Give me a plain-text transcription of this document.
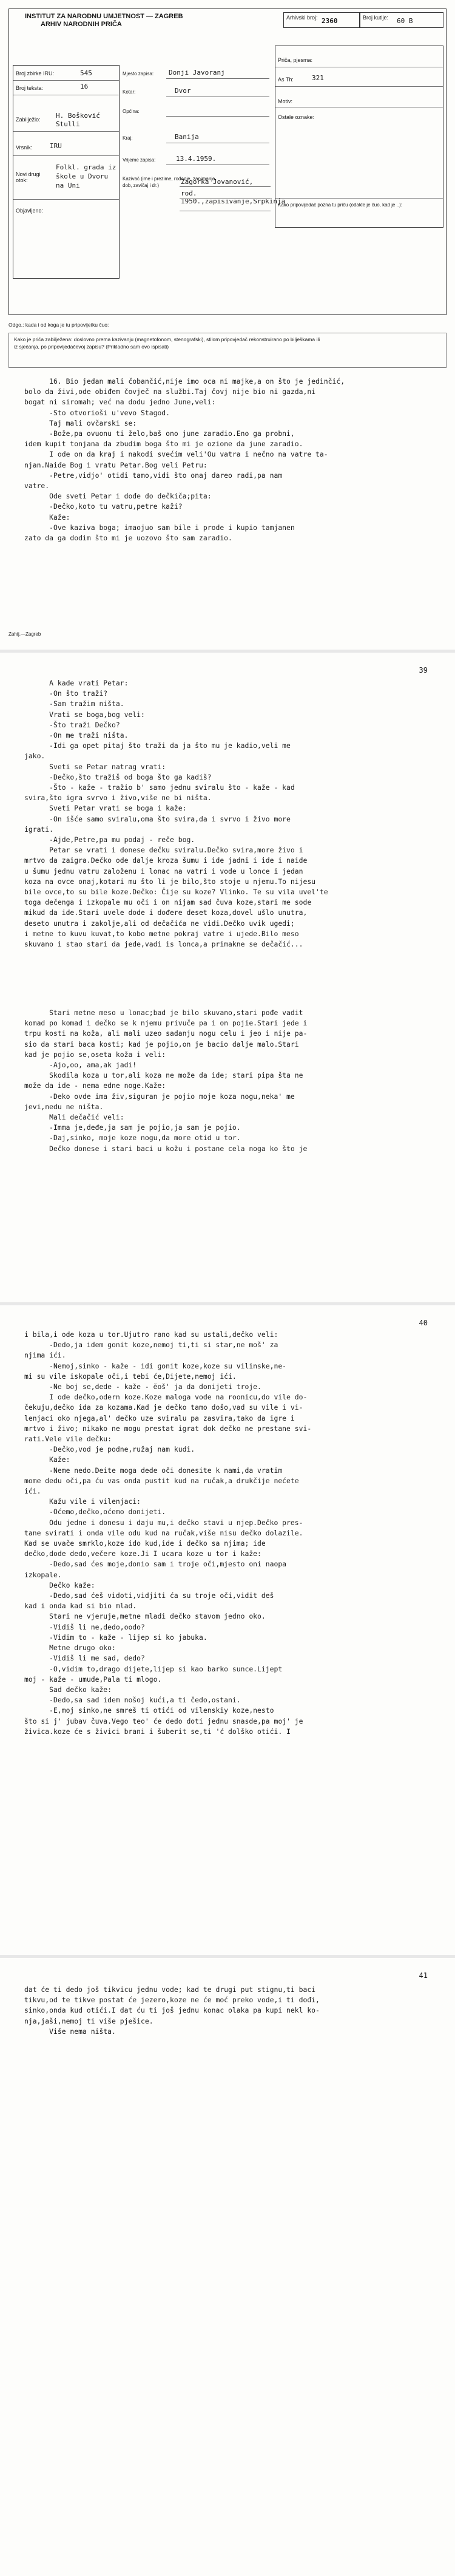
INSTITUT ZA NARODNU UMJETNOST — ZAGREB
ARHIV NARODNIH PRIČA
Arhivski broj: 2360	Broj kutije: 60 B
Broj zbirke IRU:	545
Broj teksta:	16
Zabilježio: H. Bošković Stulli
Vrsnik:	IRU
Novi drugi otok:
Folkl. grada iz škole u Dvoru na Uni
Objavljeno:
Mjesto zapisa: Donji Javoranj
Kotar:	Dvor
Općina:
Kraj:	Banija
Vrijeme zapisa:	13.4.1959.
Kazivač (ime i prezime, rođenje, zanimanje, dob, zavičaj i dr.)	Zagorka Jovanović,
rođ. 1950.,zapisivanje,Srpkinja
Priča, pjesma:
As Th:	321
Motiv:
Ostale oznake:
Kako pripovijedač pozna tu priču (odakle je čuo, kad je ..):
Odgo.: kada i od koga je tu pripovijetku čuo:
Kako je priča zabilježena: doslovno prema kazivanju (magnetofonom, stenografski), stilom pripovjedač rekonstruirano po bilješkama ili
iz sjećanja, po pripovijedačevoj zapisu? (Prikladno sam ovo ispisati)
16. Bio jedan mali čobančić,nije imo oca ni majke,a on što je jedinčić,
bolo da živi,ode obiđem čovječ na službi.Taj čovj nije bio ni gazda,ni
bogat ni siromah; već na dodu jedno June,veli:
-Sto otvorioši u'vevo Stagod.
Taj mali ovčarski se:
-Bože,pa ovuonu ti želo,baš ono june zaradio.Eno ga probni,
idem kupit tonjana da zbudim boga što mi je ozione da june zaradio.
I ode on da kraj i nakodi svećim veli'Ou vatra i nečno na vatre ta-
njan.Naiđe Bog i vratu Petar.Bog veli Petru:
-Petre,vidjo' otidi tamo,vidi što onaj dareo radi,pa nam
vatre.
Ode sveti Petar i dođe do dečkiča;pita:
-Dečko,koto tu vatru,petre kaži?
Kaže:
-Ove kaziva boga; imaojuo sam bile i prode i kupio tamjanen
zato da ga dodim što mi je uozovo što sam zaradio.
Zahtj.—Zagreb
39
A kade vrati Petar:
-On što traži?
-Sam tražim ništa.
Vrati se boga,bog veli:
-Što traži Dečko?
-On me traži ništa.
-Idi ga opet pitaj što traži da ja što mu je kadio,veli me
jako.
Sveti se Petar natrag vrati:
-Dečko,što tražiš od boga što ga kadiš?
-Što - kaže - tražio b' samo jednu sviralu što - kaže - kad
svira,što igra svrvo i živo,više ne bi ništa.
Sveti Petar vrati se boga i kaže:
-On išće samo sviralu,oma što svira,da i svrvo i živo more
igrati.
-Ajde,Petre,pa mu podaj - reče bog.
Petar se vrati i donese dečku sviralu.Dečko svira,more živo i
mrtvo da zaigra.Dečko ode dalje kroza šumu i ide jadni i ide i naide
u šumu jednu vatru založenu i lonac na vatri i vode u lonce i jedan
koza na ovce onaj,kotari mu što li je bilo,što stoje u njemu.To nijesu
bile ovce,to su bile koze.Dečko: Čije su koze? Vlinko. Te su vila uvel'te
toga dečenga i izkopale mu oči i on nijam sad čuva koze,stari me sode
mikud da ide.Stari uvele dode i dođere deset koza,dovel ušlo unutra,
deseto unutra i zakolje,ali od dečačića ne vidi.Dečko uvik ugedi;
i metne to kuvu kuvat,to kobo metne pokraj vatre i ujede.Bilo meso
skuvano i stao stari da jede,vadi is lonca,a primakne se dečačić...
Stari metne meso u lonac;bad je bilo skuvano,stari pođe vadit
komad po komad i dečko se k njemu privuče pa i on pojie.Stari jede i
trpu kosti na koža, ali mali uzeo sadanju nogu celu i jeo i nije pa-
sio da stari baca kosti; kad je pojio,on je bacio dalje malo.Stari
kad je pojio se,oseta koža i veli:
-Ajo,oo, ama,ak jadi!
Skodila koza u tor,ali koza ne može da ide; stari pipa šta ne
može da ide - nema edne noge.Kaže:
-Deko ovde ima živ,siguran je pojio moje koza nogu,neka' me
jevi,nedu ne ništa.
Mali dečačić veli:
-Imma je,deđe,ja sam je pojio,ja sam je pojio.
-Daj,sinko, moje koze nogu,da more otid u tor.
Dečko donese i stari baci u kožu i postane cela noga ko što je
40
i bila,i ode koza u tor.Ujutro rano kad su ustali,dečko veli:
-Dedo,ja idem gonit koze,nemoj ti,ti si star,ne moš' za
njima ići.
-Nemoj,sinko - kaže - idi gonit koze,koze su vilinske,ne-
mi su vile iskopale oči,i tebi će,Dijete,nemoj ići.
-Ne boj se,dede - kaže - ĕoš' ja da donijeti troje.
I ode dečko,odern koze.Koze maloga vode na roonicu,do vile do-
čekuju,dečko ida za kozama.Kad je dečko tamo došo,vad su vile i vi-
lenjaci oko njega,al' dečko uze sviralu pa zasvira,tako da igre i
mrtvo i živo; nikako ne mogu prestat igrat dok dečko ne prestane svi-
rati.Vele vile dečku:
-Dečko,vod je podne,ružaj nam kudi.
Kaže:
-Neme nedo.Deite moga dede oči donesite k nami,da vratim
mome dedu oči,pa ću vas onda pustit kud na ručak,a drukčije nećete
ići.
Kažu vile i vilenjaci:
-Oćemo,dečko,oćemo donijeti.
Odu jedne i donesu i daju mu,i dečko stavi u njep.Dečko pres-
tane svirati i onda vile odu kud na ručak,više nisu dečko dolazile.
Kad se uvače smrklo,koze ido kud,ide i dečko sa njima; ide
dečko,dode dedo,večere koze.Ji I ucara koze u tor i kaže:
-Dedo,sad ćes moje,donio sam i troje oči,mjesto oni naopa
izkopale.
Dečko kaže:
-Dedo,sad ćeš vidoti,vidjiti ća su troje oči,vidit deš
kad i onda kad si bio mlad.
Stari ne vjeruje,metne mladi dečko stavom jedno oko.
-Vidiš li ne,dedo,oodo?
-Vidim to - kaže - lijep si ko jabuka.
Metne drugo oko:
-Vidiš li me sad, dedo?
-O,vidim to,drago dijete,lijep si kao barko sunce.Lijept
moj - kaže - umude,Pala ti mlogo.
Sad dečko kaže:
-Dedo,sa sad idem nošoj kući,a ti čedo,ostani.
-E,moj sinko,ne smreš ti otići od vilenskiy koze,nesto
što si j' jubav čuva.Vego teo' će dedo doti jednu snasde,pa moj' je
živica.koze će s živici brani i šuberit se,ti 'ć dolško otići. I
41
dat će ti dedo još tikvicu jednu vode; kad te drugi put stignu,ti baci
tikvu,od te tikve postat će jezero,koze ne će moć preko vode,i ti dođi,
sinko,onda kud otići.I dat ću ti još jednu konac olaka pa kupi nekl ko-
nja,jaši,nemoj ti više pješice.
Više nema ništa.
